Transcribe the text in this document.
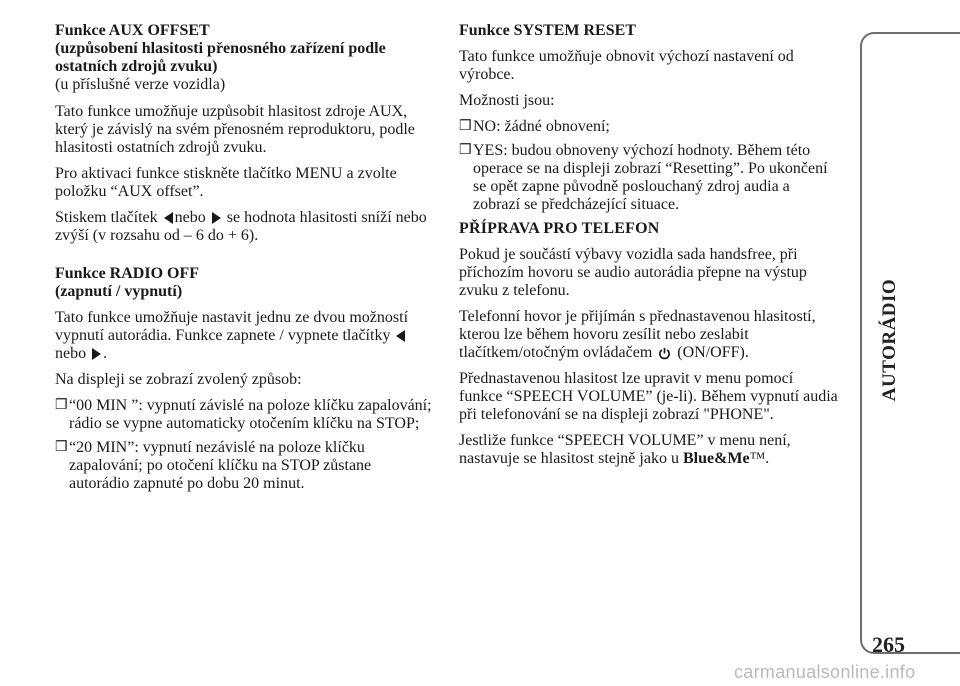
Funkce AUX OFFSET

(uzpůsobení hlasitosti přenosného zařízení podle

ostatních zdrojů zvuku)

(u příslušné verze vozidla)

Tato funkce umožňuje uzpůsobit hlasitost zdroje AUX, který je závislý na svém přenosném reproduktoru, podle hlasitosti ostatních zdrojů zvuku.

Pro aktivaci funkce stiskněte tlačítko MENU a zvolte položku “AUX offset”.

Stiskem tlačítek nebo se hodnota hlasitosti sníží nebo zvýší (v rozsahu od – 6 do + 6).

Funkce RADIO OFF

(zapnutí / vypnutí)

Tato funkce umožňuje nastavit jednu ze dvou možností vypnutí autorádia. Funkce zapnete / vypnete tlačítky nebo .

Na displeji se zobrazí zvolený způsob:

❒ “00 MIN ”: vypnutí závislé na poloze klíčku zapalování; rádio se vypne automaticky otočením klíčku na STOP;
❒ “20 MIN”: vypnutí nezávislé na poloze klíčku zapalování; po otočení klíčku na STOP zůstane autorádio zapnuté po dobu 20 minut.

Funkce SYSTEM RESET

Tato funkce umožňuje obnovit výchozí nastavení od výrobce.

Možnosti jsou:

❒ NO: žádné obnovení;
❒ YES: budou obnoveny výchozí hodnoty. Během této operace se na displeji zobrazí “Resetting”. Po ukončení se opět zapne původně poslouchaný zdroj audia a zobrazí se předcházející situace.

PŘÍPRAVA PRO TELEFON

Pokud je součástí výbavy vozidla sada handsfree, při příchozím hovoru se audio autorádia přepne na výstup zvuku z telefonu.

Telefonní hovor je přijímán s přednastavenou hlasitostí, kterou lze během hovoru zesílit nebo zeslabit tlačítkem/otočným ovládačem (ON/OFF).

Přednastavenou hlasitost lze upravit v menu pomocí funkce “SPEECH VOLUME” (je-li). Během vypnutí audia při telefonování se na displeji zobrazí "PHONE".

Jestliže funkce “SPEECH VOLUME” v menu není, nastavuje se hlasitost stejně jako u Blue&Me™.

AUTORÁDIO
265
carmanualsonline.info
